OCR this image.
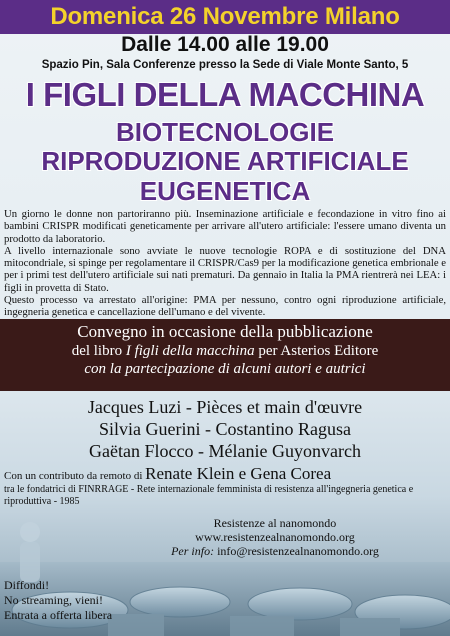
Domenica 26 Novembre Milano
Dalle 14.00 alle 19.00
Spazio Pin, Sala Conferenze presso la Sede di Viale Monte Santo, 5
I FIGLI DELLA MACCHINA
BIOTECNOLOGIE
RIPRODUZIONE ARTIFICIALE
EUGENETICA

Un giorno le donne non partoriranno più. Inseminazione artificiale e fecondazione in vitro fino ai bambini CRISPR modificati geneticamente per arrivare all'utero artificiale: l'essere umano diventa un prodotto da laboratorio.

A livello internazionale sono avviate le nuove tecnologie ROPA e di sostituzione del DNA mitocondriale, si spinge per regolamentare il CRISPR/Cas9 per la modificazione genetica embrionale e per i primi test dell'utero artificiale sui nati prematuri. Da gennaio in Italia la PMA rientrerà nei LEA: i figli in provetta di Stato.

Questo processo va arrestato all'origine: PMA per nessuno, contro ogni riproduzione artificiale, ingegneria genetica e cancellazione dell'umano e del vivente.

Convegno in occasione della pubblicazione
del libro I figli della macchina per Asterios Editore
con la partecipazione di alcuni autori e autrici
Jacques Luzi - Pièces et main d'œuvre
Silvia Guerini - Costantino Ragusa
Gaëtan Flocco - Mélanie Guyonvarch
Con un contributo da remoto di Renate Klein e Gena Corea
tra le fondatrici di FINRRAGE - Rete internazionale femminista di resistenza all'ingegneria genetica e riproduttiva - 1985
Resistenze al nanomondo
www.resistenzealnanomondo.org
Per info: info@resistenzealnanomondo.org
Diffondi!
No streaming, vieni!
Entrata a offerta libera
